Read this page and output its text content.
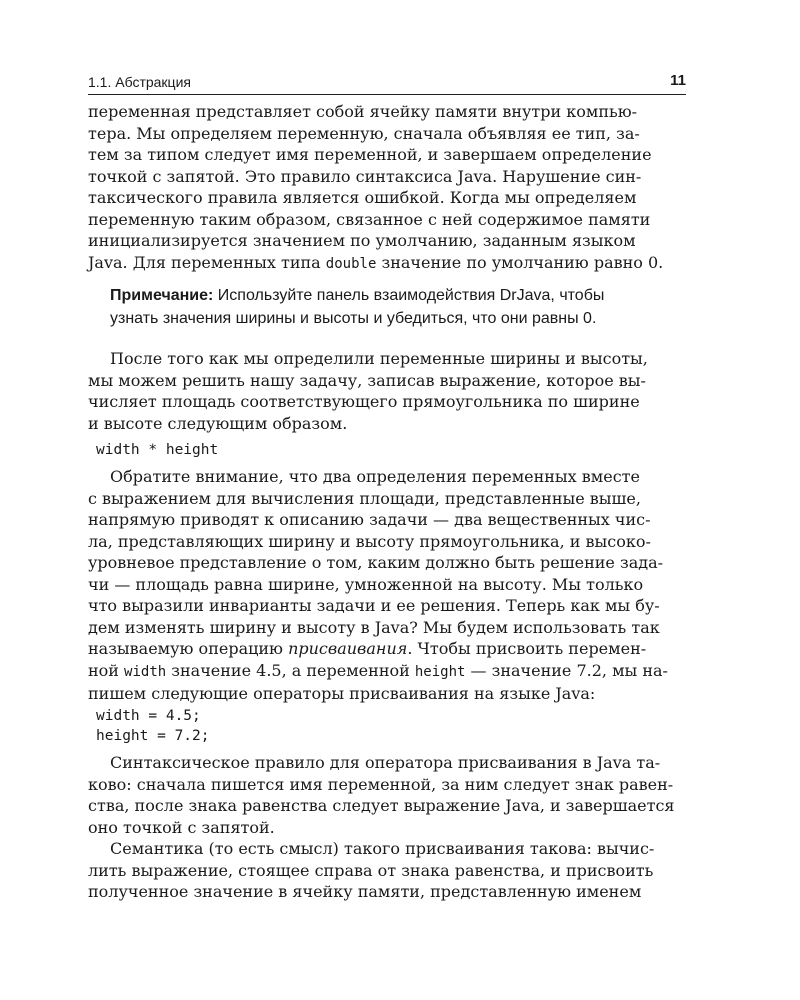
1.1. Абстракция	11
переменная представляет собой ячейку памяти внутри компью-
тера. Мы определяем переменную, сначала объявляя ее тип, за-
тем за типом следует имя переменной, и завершаем определение
точкой с запятой. Это правило синтаксиса Java. Нарушение син-
таксического правила является ошибкой. Когда мы определяем
переменную таким образом, связанное с ней содержимое памяти
инициализируется значением по умолчанию, заданным языком
Java. Для переменных типа double значение по умолчанию равно 0.
Примечание: Используйте панель взаимодействия DrJava, чтобы
узнать значения ширины и высоты и убедиться, что они равны 0.
После того как мы определили переменные ширины и высоты,
мы можем решить нашу задачу, записав выражение, которое вы-
числяет площадь соответствующего прямоугольника по ширине
и высоте следующим образом.
width * height
Обратите внимание, что два определения переменных вместе
с выражением для вычисления площади, представленные выше,
напрямую приводят к описанию задачи — два вещественных чис-
ла, представляющих ширину и высоту прямоугольника, и высоко-
уровневое представление о том, каким должно быть решение зада-
чи — площадь равна ширине, умноженной на высоту. Мы только
что выразили инварианты задачи и ее решения. Теперь как мы бу-
дем изменять ширину и высоту в Java? Мы будем использовать так
называемую операцию присваивания. Чтобы присвоить перемен-
ной width значение 4.5, а переменной height — значение 7.2, мы на-
пишем следующие операторы присваивания на языке Java:
width = 4.5;
height = 7.2;
Синтаксическое правило для оператора присваивания в Java та-
ково: сначала пишется имя переменной, за ним следует знак равен-
ства, после знака равенства следует выражение Java, и завершается
оно точкой с запятой.
Семантика (то есть смысл) такого присваивания такова: вычис-
лить выражение, стоящее справа от знака равенства, и присвоить
полученное значение в ячейку памяти, представленную именем
